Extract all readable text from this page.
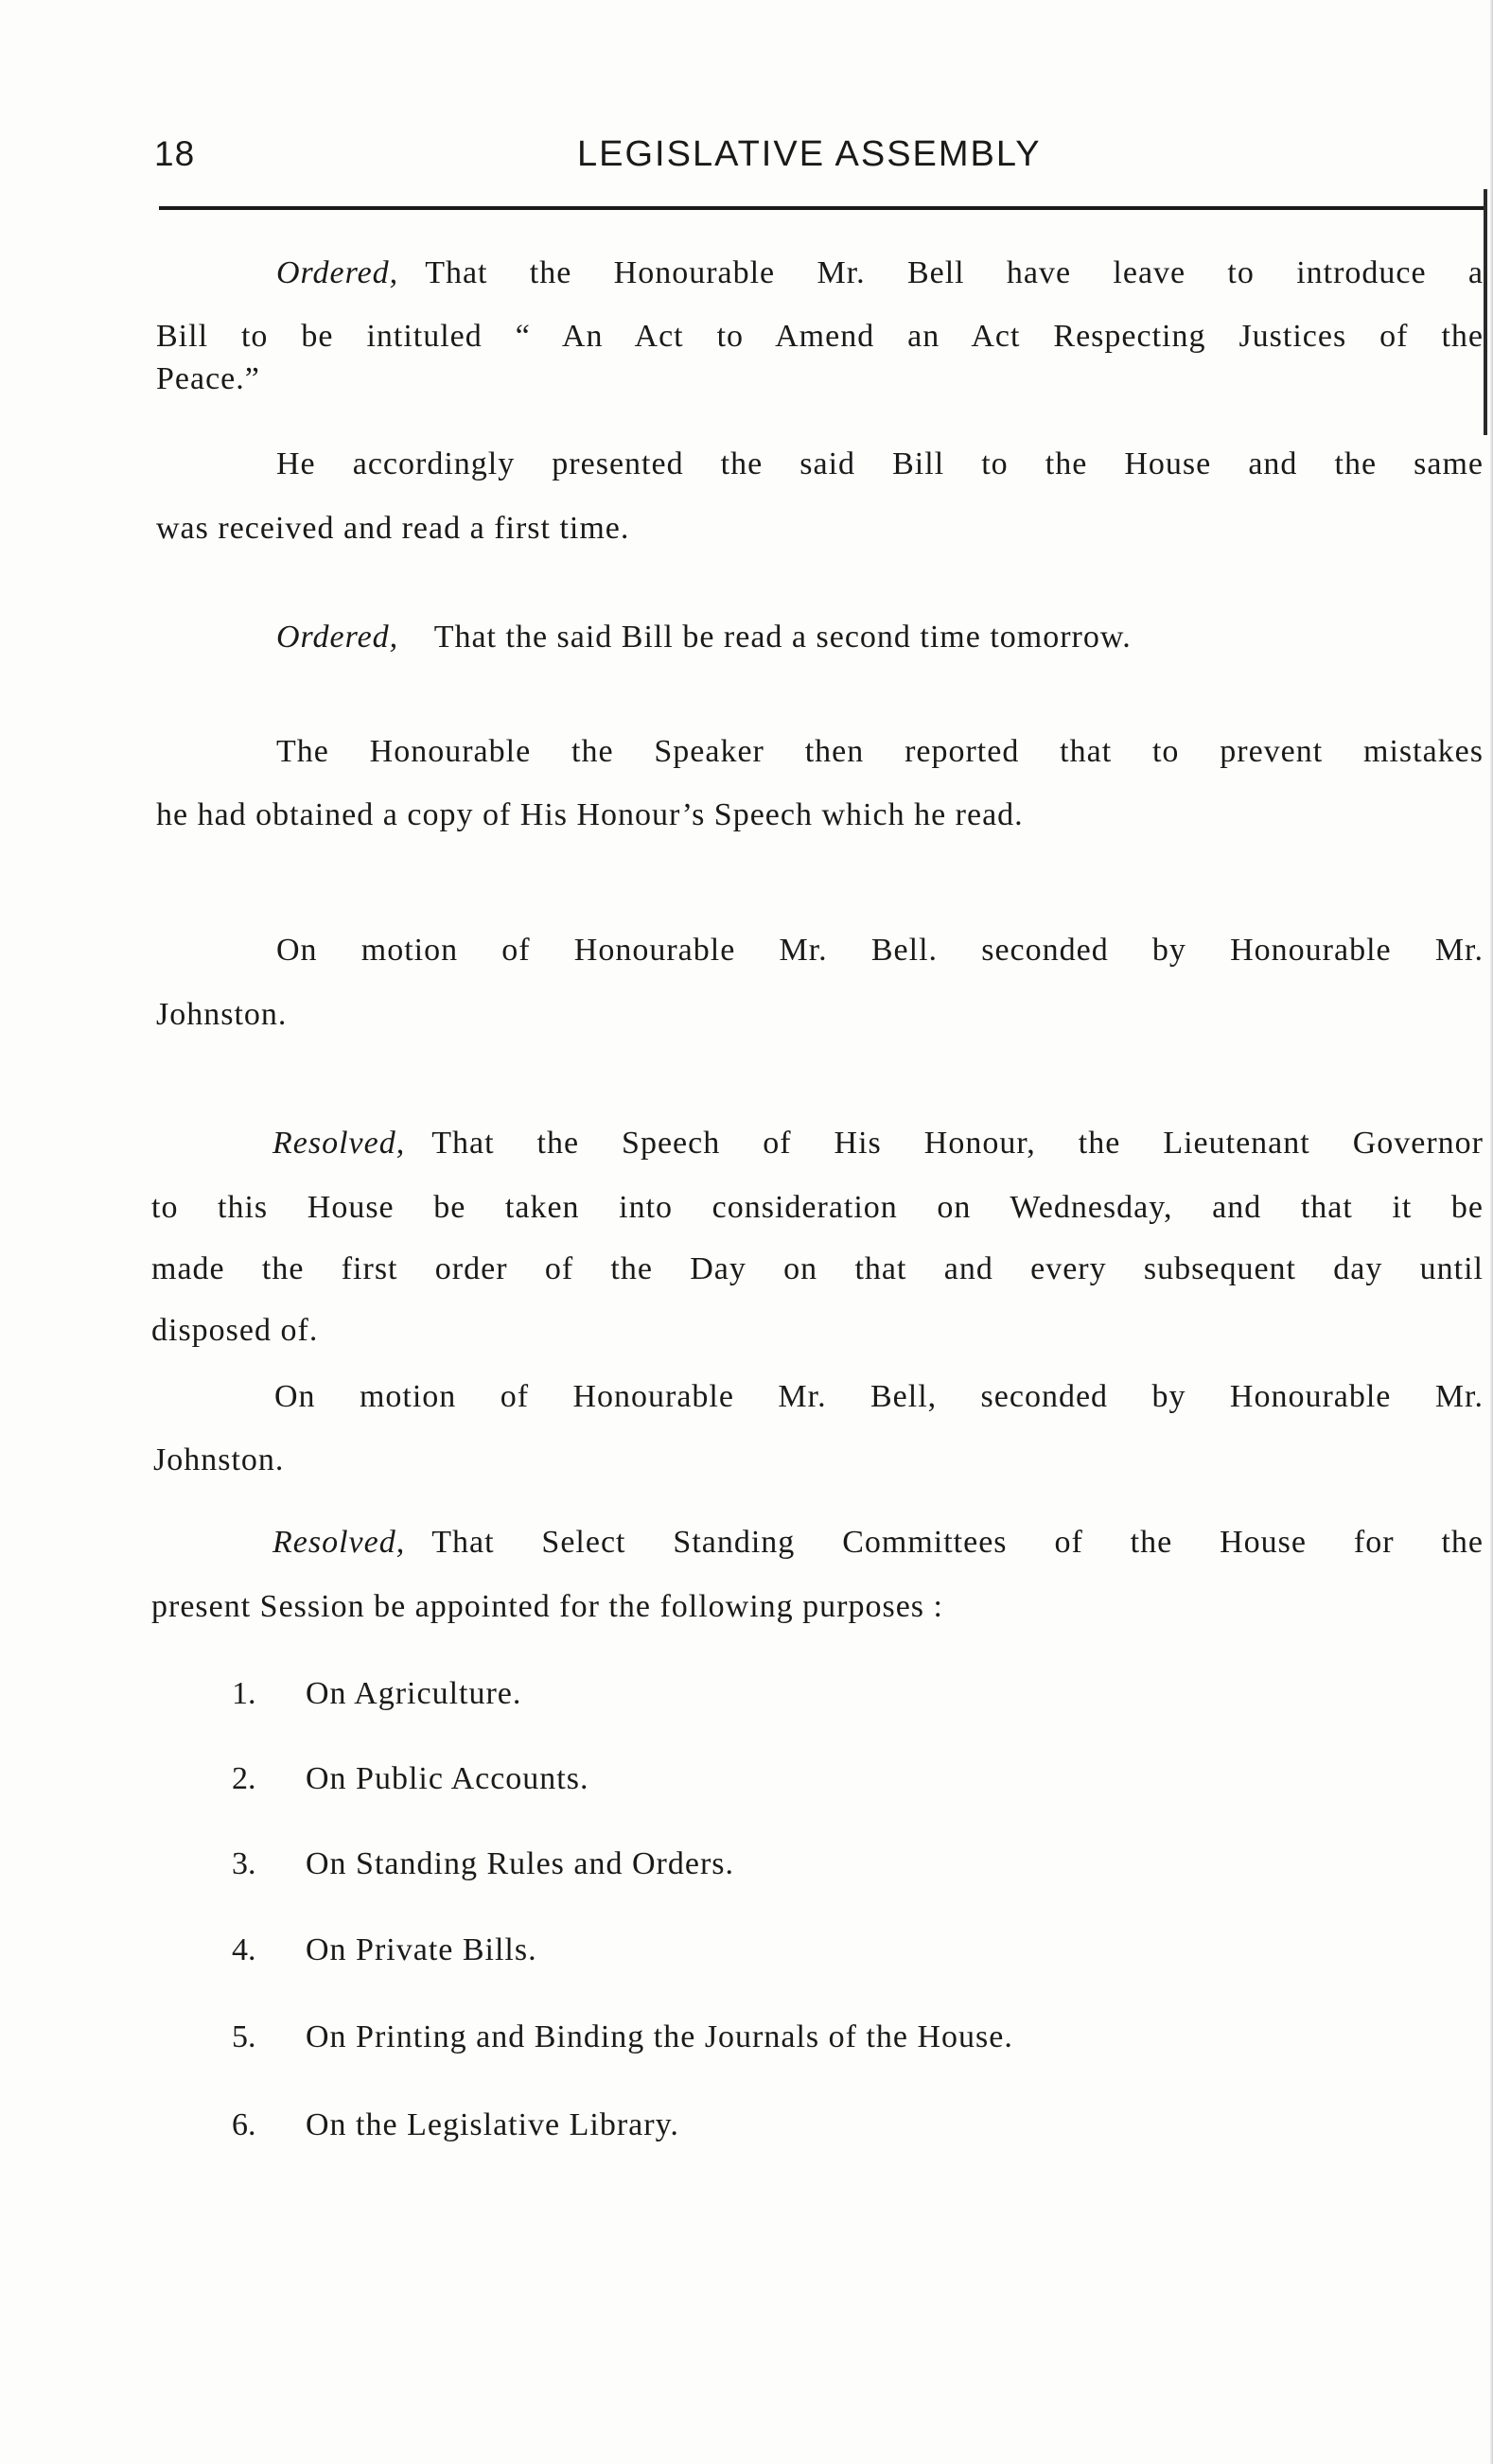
18	LEGISLATIVE ASSEMBLY
Ordered, That the Honourable Mr. Bell have leave to introduce a
Bill to be intituled “ An Act to Amend an Act Respecting Justices of the
Peace.”
He accordingly presented the said Bill to the House and the same
was received and read a first time.
Ordered, That the said Bill be read a second time tomorrow.
The Honourable the Speaker then reported that to prevent mistakes
he had obtained a copy of His Honour’s Speech which he read.
On motion of Honourable Mr. Bell. seconded by Honourable Mr.
Johnston.
Resolved, That the Speech of His Honour, the Lieutenant Governor
to this House be taken into consideration on Wednesday, and that it be
made the first order of the Day on that and every subsequent day until
disposed of.
On motion of Honourable Mr. Bell, seconded by Honourable Mr.
Johnston.
Resolved, That Select Standing Committees of the House for the
present Session be appointed for the following purposes :
1. On Agriculture.
2. On Public Accounts.
3. On Standing Rules and Orders.
4. On Private Bills.
5. On Printing and Binding the Journals of the House.
6. On the Legislative Library.
